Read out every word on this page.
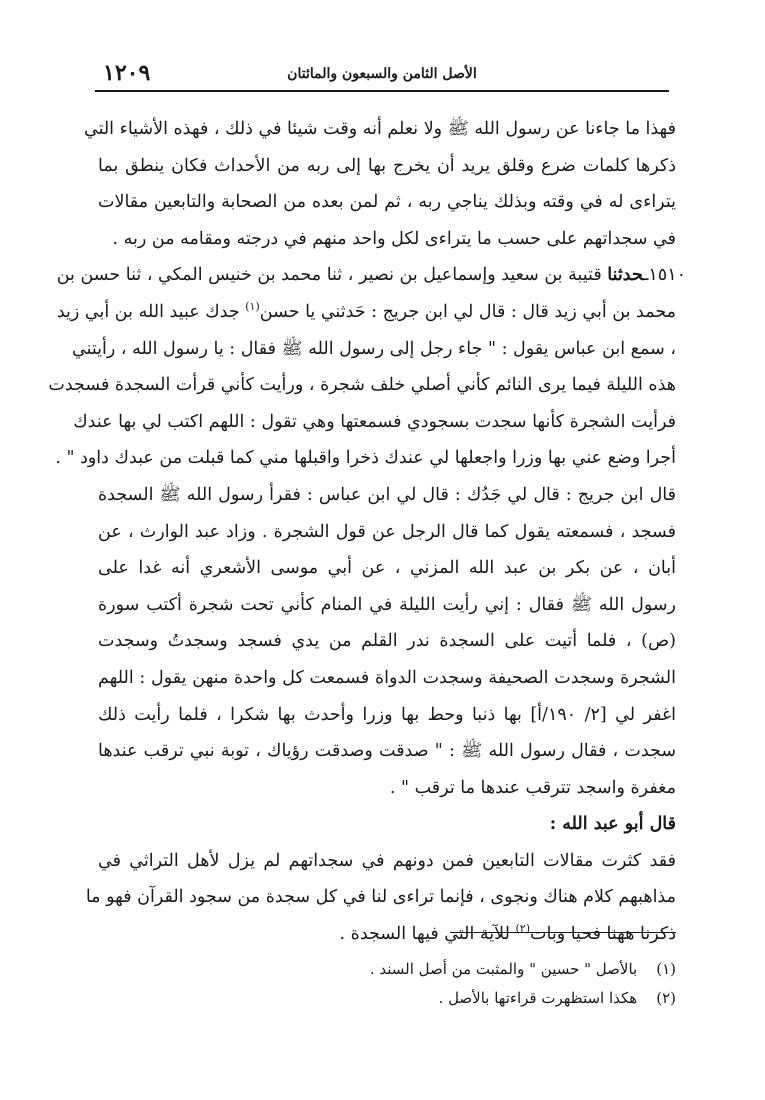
١٢٠٩	الأصل الثامن والسبعون والمائتان
فهذا ما جاءنا عن رسول الله ﷺ ولا نعلم أنه وقت شيئا في ذلك ، فهذه الأشياء التي
ذكرها كلمات ضرع وقلق يريد أن يخرج بها إلى ربه من الأحداث فكان ينطق بما
يتراءى له في وقته وبذلك يناجي ربه ، ثم لمن بعده من الصحابة والتابعين مقالات
في سجداتهم على حسب ما يتراءى لكل واحد منهم في درجته ومقامه من ربه .
١٥١٠ـحدثنا قتيبة بن سعيد وإسماعيل بن نصير ، ثنا محمد بن خنيس المكي ، ثنا حسن بن
محمد بن أبي زيد قال : قال لي ابن جريج : حَدثني يا حسن$^{(١)}$ جدك عبيد الله بن أبي زيد
، سمع ابن عباس يقول : " جاء رجل إلى رسول الله ﷺ فقال : يا رسول الله ، رأيتني
هذه الليلة فيما يرى النائم كأني أصلي خلف شجرة ، ورأيت كأني قرأت السجدة فسجدت
فرأيت الشجرة كأنها سجدت بسجودي فسمعتها وهي تقول : اللهم اكتب لي بها عندك
أجرا وضع عني بها وزرا واجعلها لي عندك ذخرا واقبلها مني كما قبلت من عبدك داود " .
قال ابن جريج : قال لي جَدُك : قال لي ابن عباس : فقرأ رسول الله ﷺ السجدة
فسجد ، فسمعته يقول كما قال الرجل عن قول الشجرة . وزاد عبد الوارث ، عن
أبان ، عن بكر بن عبد الله المزني ، عن أبي موسى الأشعري أنه غدا على
رسول الله ﷺ فقال : إني رأيت الليلة في المنام كأني تحت شجرة أكتب سورة
(ص) ، فلما أتيت على السجدة ندر القلم من يدي فسجد وسجدتُ وسجدت
الشجرة وسجدت الصحيفة وسجدت الدواة فسمعت كل واحدة منهن يقول : اللهم
اغفر لي [٢/ ١٩٠/أ] بها ذنبا وحط بها وزرا وأحدث بها شكرا ، فلما رأيت ذلك
سجدت ، فقال رسول الله ﷺ : " صدقت وصدقت رؤياك ، توبة نبي ترقب عندها
مغفرة واسجد تترقب عندها ما ترقب " .
قال أبو عبد الله :
فقد كثرت مقالات التابعين فمن دونهم في سجداتهم لم يزل لأهل التراثي في
مذاهبهم كلام هناك ونجوى ، فإنما تراءى لنا في كل سجدة من سجود القرآن فهو ما
ذكرنا ههنا فحيا وبات$^{(٢)}$ للآية التي فيها السجدة .
(١) بالأصل " حسين " والمثبت من أصل السند .
(٢) هكذا استظهرت قراءتها بالأصل .
